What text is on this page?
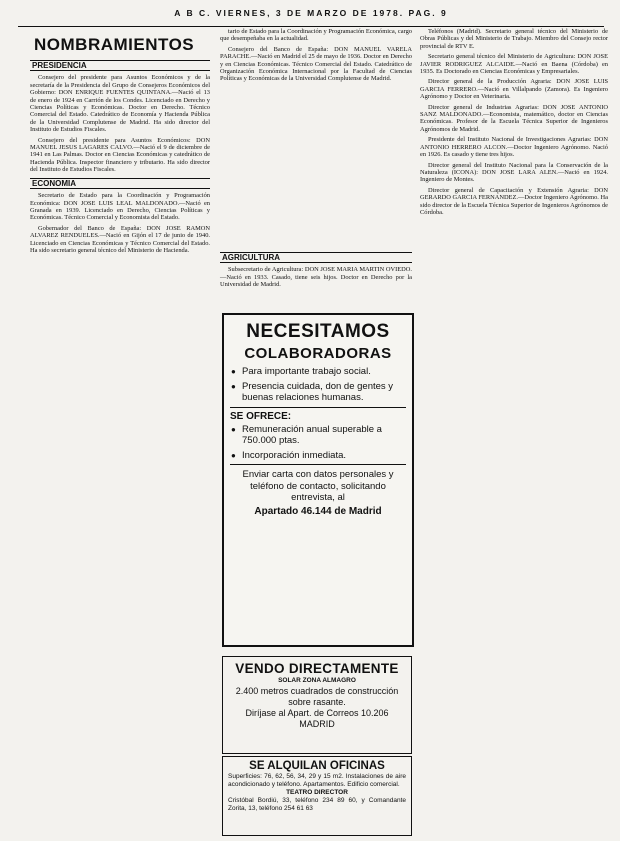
A B C. VIERNES, 3 DE MARZO DE 1978. PAG. 9
NOMBRAMIENTOS
PRESIDENCIA

Consejero del presidente para Asuntos Económicos y de la secretaría de la Presidencia del Grupo de Consejeros Económicos del Gobierno: DON ENRIQUE FUENTES QUINTANA.—Nació el 13 de enero de 1924 en Carrión de los Condes. Licenciado en Derecho y Ciencias Políticas y Económicas. Doctor en Derecho. Técnico Comercial del Estado. Catedrático de Economía y Hacienda Pública de la Universidad Complutense de Madrid. Ha sido director del Instituto de Estudios Fiscales.

Consejero del presidente para Asuntos Económicos: DON MANUEL JESUS LAGARES CALVO.—Nació el 9 de diciembre de 1941 en Las Palmas. Doctor en Ciencias Económicas y catedrático de Hacienda Pública. Inspector financiero y tributario. Ha sido director del Instituto de Estudios Fiscales.

ECONOMIA

Secretario de Estado para la Coordinación y Programación Económica: DON JOSE LUIS LEAL MALDONADO.—Nació en Granada en 1939. Licenciado en Derecho, Ciencias Políticas y Económicas. Técnico Comercial y Economista del Estado.

Gobernador del Banco de España: DON JOSE RAMON ALVAREZ RENDUELES.—Nació en Gijón el 17 de junio de 1940. Licenciado en Ciencias Económicas y Técnico Comercial del Estado. Ha sido secretario general técnico del Ministerio de Hacienda.

tario de Estado para la Coordinación y Programación Económica, cargo que desempeñaba en la actualidad.

Consejero del Banco de España: DON MANUEL VARELA PARACHE.—Nació en Madrid el 25 de mayo de 1936. Doctor en Derecho y en Ciencias Económicas. Técnico Comercial del Estado. Catedrático de Organización Económica Internacional por la Facultad de Ciencias Políticas y Económicas de la Universidad Complutense de Madrid.

AGRICULTURA

Subsecretario de Agricultura: DON JOSE MARIA MARTIN OVIEDO.—Nació en 1933. Casado, tiene seis hijos. Doctor en Derecho por la Universidad de Madrid.

NECESITAMOS
COLABORADORAS
● Para importante trabajo social.
● Presencia cuidada, don de gentes y buenas relaciones humanas.
SE OFRECE:
● Remuneración anual superable a 750.000 ptas.
● Incorporación inmediata.
Enviar carta con datos personales y teléfono de contacto, solicitando entrevista, al
Apartado 46.144 de Madrid
VENDO DIRECTAMENTE
SOLAR ZONA ALMAGRO
2.400 metros cuadrados de construcción sobre rasante.
Diríjase al Apart. de Correos 10.206 MADRID
SE ALQUILAN OFICINAS
Superficies: 76, 62, 56, 34, 29 y 15 m2. Instalaciones de aire acondicionado y teléfono. Apartamentos. Edificio comercial.
TEATRO DIRECTOR
Cristóbal Bordiú, 33, teléfono 234 89 60, y Comandante Zorita, 13, teléfono 254 61 63

Teléfonos (Madrid). Secretario general técnico del Ministerio de Obras Públicas y del Ministerio de Trabajo. Miembro del Consejo rector provincial de RTV E.

Secretario general técnico del Ministerio de Agricultura: DON JOSE JAVIER RODRIGUEZ ALCAIDE.—Nació en Baena (Córdoba) en 1935. Es Doctorado en Ciencias Económicas y Empresariales.

Director general de la Producción Agraria: DON JOSE LUIS GARCIA FERRERO.—Nació en Villalpando (Zamora). Es Ingeniero Agrónomo y Doctor en Veterinaria.

Director general de Industrias Agrarias: DON JOSE ANTONIO SANZ MALDONADO.—Economista, matemático, doctor en Ciencias Económicas. Profesor de la Escuela Técnica Superior de Ingenieros Agrónomos de Madrid.

Presidente del Instituto Nacional de Investigaciones Agrarias: DON ANTONIO HERRERO ALCON.—Doctor Ingeniero Agrónomo. Nació en 1926. Es casado y tiene tres hijos.

Director general del Instituto Nacional para la Conservación de la Naturaleza (ICONA): DON JOSE LARA ALEN.—Nació en 1924. Ingeniero de Montes.

Director general de Capacitación y Extensión Agraria: DON GERARDO GARCIA FERNANDEZ.—Doctor Ingeniero Agrónomo. Ha sido director de la Escuela Técnica Superior de Ingenieros Agrónomos de Córdoba.
